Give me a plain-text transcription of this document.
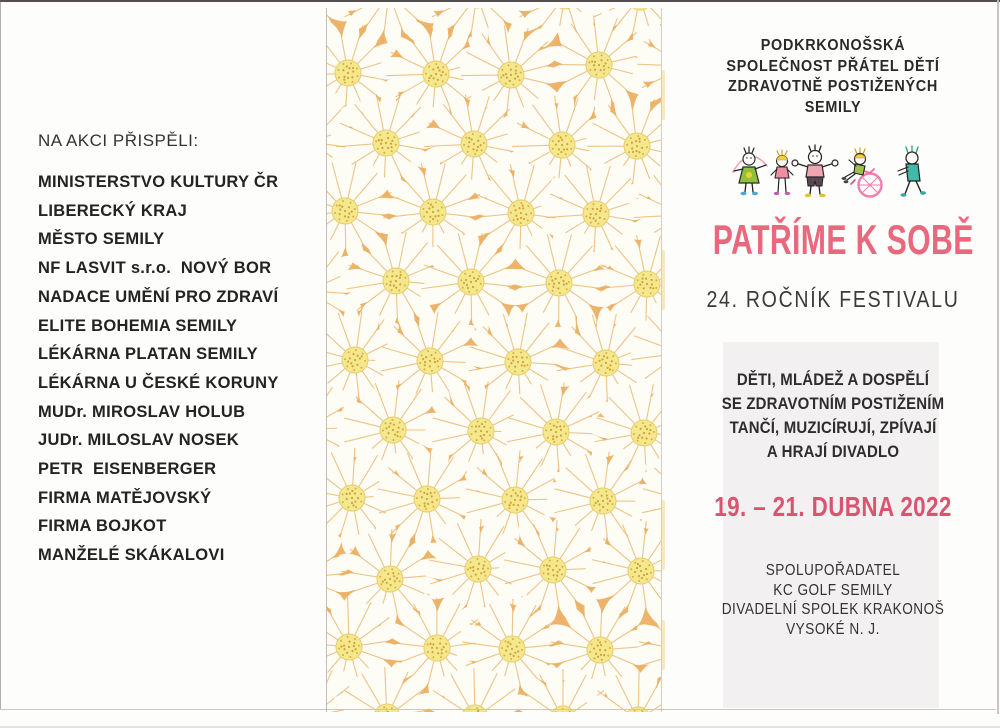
NA AKCI PŘISPĚLI:
MINISTERSTVO KULTURY ČR
LIBERECKÝ KRAJ
MĚSTO SEMILY
NF LASVIT s.r.o.  NOVÝ BOR
NADACE UMĚNÍ PRO ZDRAVÍ
ELITE BOHEMIA SEMILY
LÉKÁRNA PLATAN SEMILY
LÉKÁRNA U ČESKÉ KORUNY
MUDr. MIROSLAV HOLUB
JUDr. MILOSLAV NOSEK
PETR  EISENBERGER
FIRMA MATĚJOVSKÝ
FIRMA BOJKOT
MANŽELÉ SKÁKALOVI
PODKRKONOŠSKÁ
SPOLEČNOST PŘÁTEL DĚTÍ
ZDRAVOTNĚ POSTIŽENÝCH
SEMILY
PATŘÍME K SOBĚ
24. ROČNÍK FESTIVALU
DĚTI, MLÁDEŽ A DOSPĚLÍ
SE ZDRAVOTNÍM POSTIŽENÍM
TANČÍ, MUZICÍRUJÍ, ZPÍVAJÍ
A HRAJÍ DIVADLO
19. – 21. DUBNA 2022
SPOLUPOŘADATEL
KC GOLF SEMILY
DIVADELNÍ SPOLEK KRAKONOŠ
VYSOKÉ N. J.
